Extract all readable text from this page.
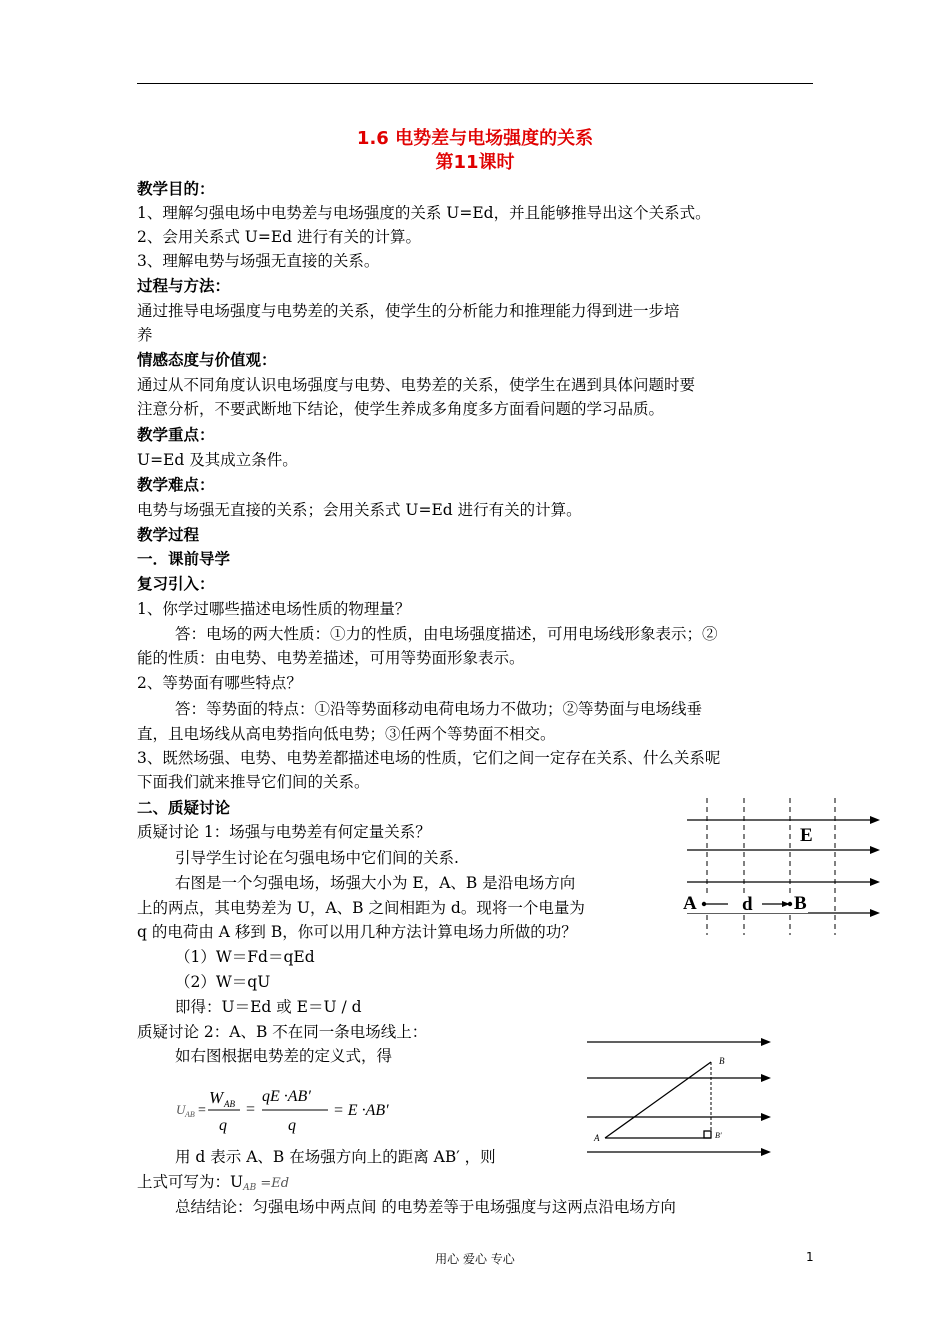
1.6 电势差与电场强度的关系
第11课时
教学目的：
1、理解匀强电场中电势差与电场强度的关系 U=Ed，并且能够推导出这个关系式。
2、会用关系式 U=Ed 进行有关的计算。
3、理解电势与场强无直接的关系。
过程与方法：
通过推导电场强度与电势差的关系，使学生的分析能力和推理能力得到进一步培
养
情感态度与价值观：
通过从不同角度认识电场强度与电势、电势差的关系，使学生在遇到具体问题时要
注意分析，不要武断地下结论，使学生养成多角度多方面看问题的学习品质。
教学重点：
U=Ed 及其成立条件。
教学难点：
电势与场强无直接的关系；会用关系式 U=Ed 进行有关的计算。
教学过程
一．课前导学
复习引入：
1、你学过哪些描述电场性质的物理量？
答：电场的两大性质：①力的性质，由电场强度描述，可用电场线形象表示；②
能的性质：由电势、电势差描述，可用等势面形象表示。
2、等势面有哪些特点？
答：等势面的特点：①沿等势面移动电荷电场力不做功；②等势面与电场线垂
直，且电场线从高电势指向低电势；③任两个等势面不相交。
3、既然场强、电势、电势差都描述电场的性质，它们之间一定存在关系、什么关系呢
下面我们就来推导它们间的关系。
二、质疑讨论
质疑讨论 1：场强与电势差有何定量关系？
引导学生讨论在匀强电场中它们间的关系.
右图是一个匀强电场，场强大小为 E，A、B 是沿电场方向
上的两点，其电势差为 U，A、B 之间相距为 d。现将一个电量为
q 的电荷由 A 移到 B，你可以用几种方法计算电场力所做的功？
（1）W＝Fd＝qEd
（2）W＝qU
即得：U＝Ed 或 E＝U / d
质疑讨论 2：A、B 不在同一条电场线上：
如右图根据电势差的定义式，得
U AB =
W AB
q
=
qE ·AB′
q
= E ·AB′
用 d 表示 A、B 在场强方向上的距离 AB′ ，则
上式可写为：UAB =Ed
总结结论：匀强电场中两点间 的电势差等于电场强度与这两点沿电场方向
E
A d B
B
A	B′
用心 爱心 专心	1
